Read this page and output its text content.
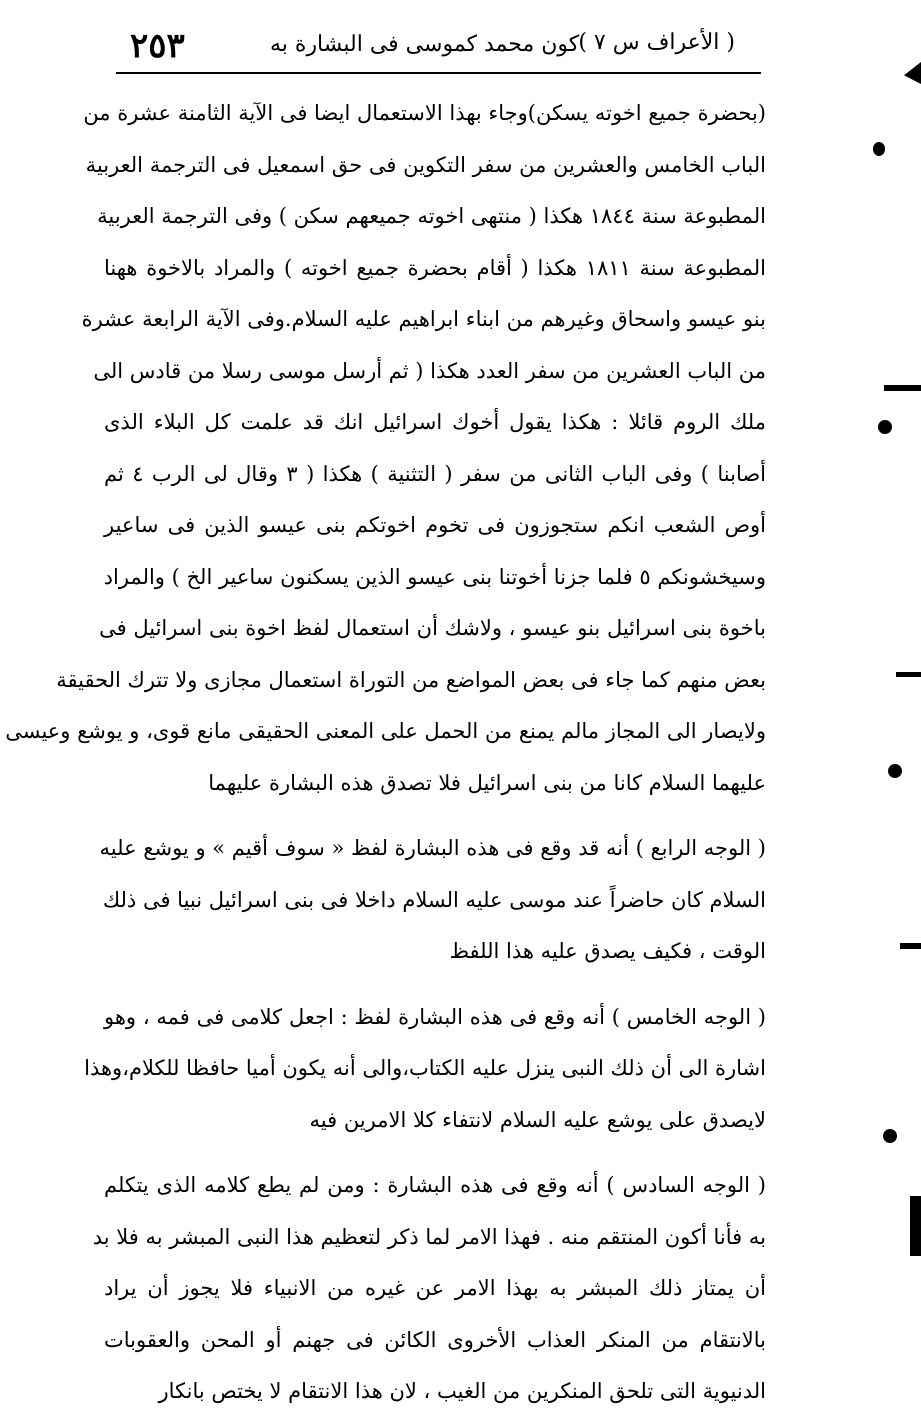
٢٥٣	كون محمد كموسى فى البشارة به ( الأعراف س ٧ )
(بحضرة جميع اخوته يسكن)وجاء بهذا الاستعمال ايضا فى الآية الثامنة عشرة من
الباب الخامس والعشرين من سفر التكوين فى حق اسمعيل فى الترجمة العربية
المطبوعة سنة ١٨٤٤ هكذا ( منتهى اخوته جميعهم سكن ) وفى الترجمة العربية
المطبوعة سنة ١٨١١ هكذا ( أقام بحضرة جميع اخوته ) والمراد بالاخوة ههنا
بنو عيسو واسحاق وغيرهم من ابناء ابراهيم عليه السلام.وفى الآية الرابعة عشرة
من الباب العشرين من سفر العدد هكذا ( ثم أرسل موسى رسلا من قادس الى
ملك الروم قائلا : هكذا يقول أخوك اسرائيل انك قد علمت كل البلاء الذى
أصابنا ) وفى الباب الثانى من سفر ( التثنية ) هكذا ( ٣ وقال لى الرب ٤ ثم
أوص الشعب انكم ستجوزون فى تخوم اخوتكم بنى عيسو الذين فى ساعير
وسيخشونكم ٥ فلما جزنا أخوتنا بنى عيسو الذين يسكنون ساعير الخ ) والمراد
باخوة بنى اسرائيل بنو عيسو ، ولاشك أن استعمال لفظ اخوة بنى اسرائيل فى
بعض منهم كما جاء فى بعض المواضع من التوراة استعمال مجازى ولا تترك الحقيقة
ولايصار الى المجاز مالم يمنع من الحمل على المعنى الحقيقى مانع قوى، و يوشع وعيسى
عليهما السلام كانا من بنى اسرائيل فلا تصدق هذه البشارة عليهما
( الوجه الرابع ) أنه قد وقع فى هذه البشارة لفظ « سوف أقيم » و يوشع عليه
السلام كان حاضراً عند موسى عليه السلام داخلا فى بنى اسرائيل نبيا فى ذلك
الوقت ، فكيف يصدق عليه هذا اللفظ
( الوجه الخامس ) أنه وقع فى هذه البشارة لفظ : اجعل كلامى فى فمه ، وهو
اشارة الى أن ذلك النبى ينزل عليه الكتاب،والى أنه يكون أميا حافظا للكلام،وهذا
لايصدق على يوشع عليه السلام لانتفاء كلا الامرين فيه
( الوجه السادس ) أنه وقع فى هذه البشارة : ومن لم يطع كلامه الذى يتكلم
به فأنا أكون المنتقم منه . فهذا الامر لما ذكر لتعظيم هذا النبى المبشر به فلا بد
أن يمتاز ذلك المبشر به بهذا الامر عن غيره من الانبياء فلا يجوز أن يراد
بالانتقام من المنكر العذاب الأخروى الكائن فى جهنم أو المحن والعقوبات
الدنيوية التى تلحق المنكرين من الغيب ، لان هذا الانتقام لا يختص بانكار
